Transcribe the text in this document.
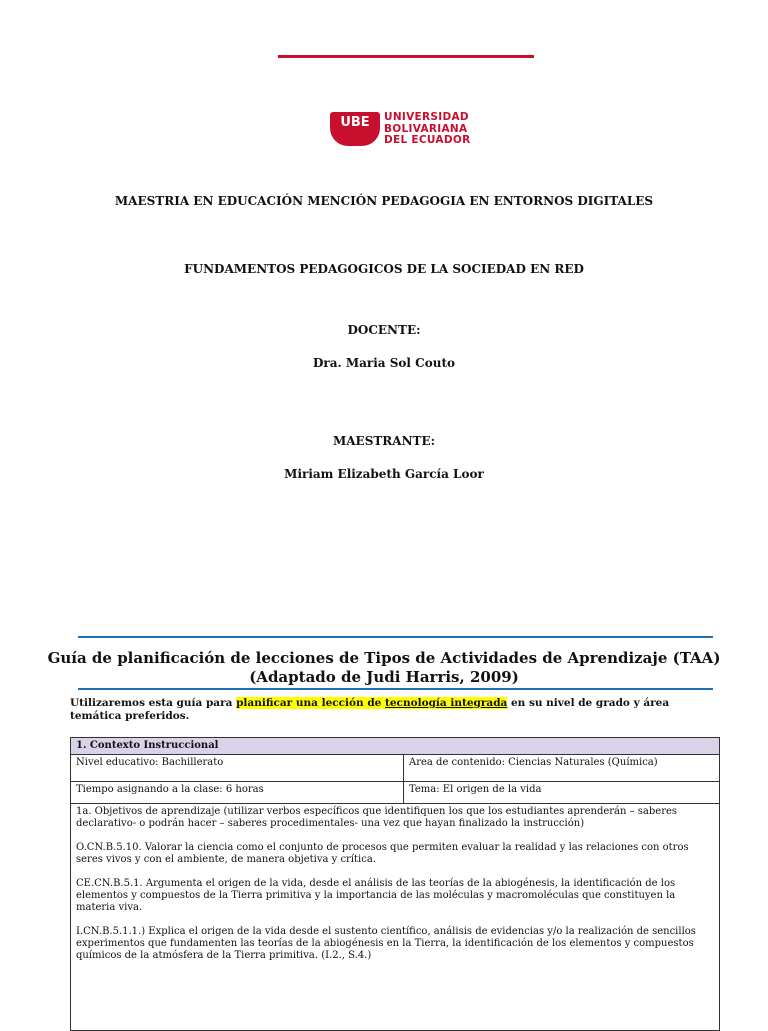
UBE	UNIVERSIDAD
BOLIVARIANA
DEL ECUADOR
MAESTRIA EN EDUCACIÓN MENCIÓN PEDAGOGIA EN ENTORNOS DIGITALES
FUNDAMENTOS PEDAGOGICOS DE LA SOCIEDAD EN RED
DOCENTE:
Dra. Maria Sol Couto
MAESTRANTE:
Miriam Elizabeth García Loor
Guía de planificación de lecciones de Tipos de Actividades de Aprendizaje (TAA)
(Adaptado de Judi Harris, 2009)
Utilizaremos esta guía para planificar una lección de tecnología integrada en su nivel de grado y área temática preferidos.
1. Contexto Instruccional	
Nivel educativo: Bachillerato	Area de contenido: Ciencias Naturales (Química)
Tiempo asignando a la clase: 6 horas	Tema: El origen de la vida

1a. Objetivos de aprendizaje (utilizar verbos específicos que identifiquen los que los estudiantes aprenderán – saberes declarativo- o podrán hacer – saberes procedimentales- una vez que hayan finalizado la instrucción)

O.CN.B.5.10. Valorar la ciencia como el conjunto de procesos que permiten evaluar la realidad y las relaciones con otros seres vivos y con el ambiente, de manera objetiva y crítica.

CE.CN.B.5.1. Argumenta el origen de la vida, desde el análisis de las teorías de la abiogénesis, la identificación de los elementos y compuestos de la Tierra primitiva y la importancia de las moléculas y macromoléculas que constituyen la materia viva.

I.CN.B.5.1.1.) Explica el origen de la vida desde el sustento científico, análisis de evidencias y/o la realización de sencillos experimentos que fundamenten las teorías de la abiogénesis en la Tierra, la identificación de los elementos y compuestos químicos de la atmósfera de la Tierra primitiva. (I.2., S.4.)	
